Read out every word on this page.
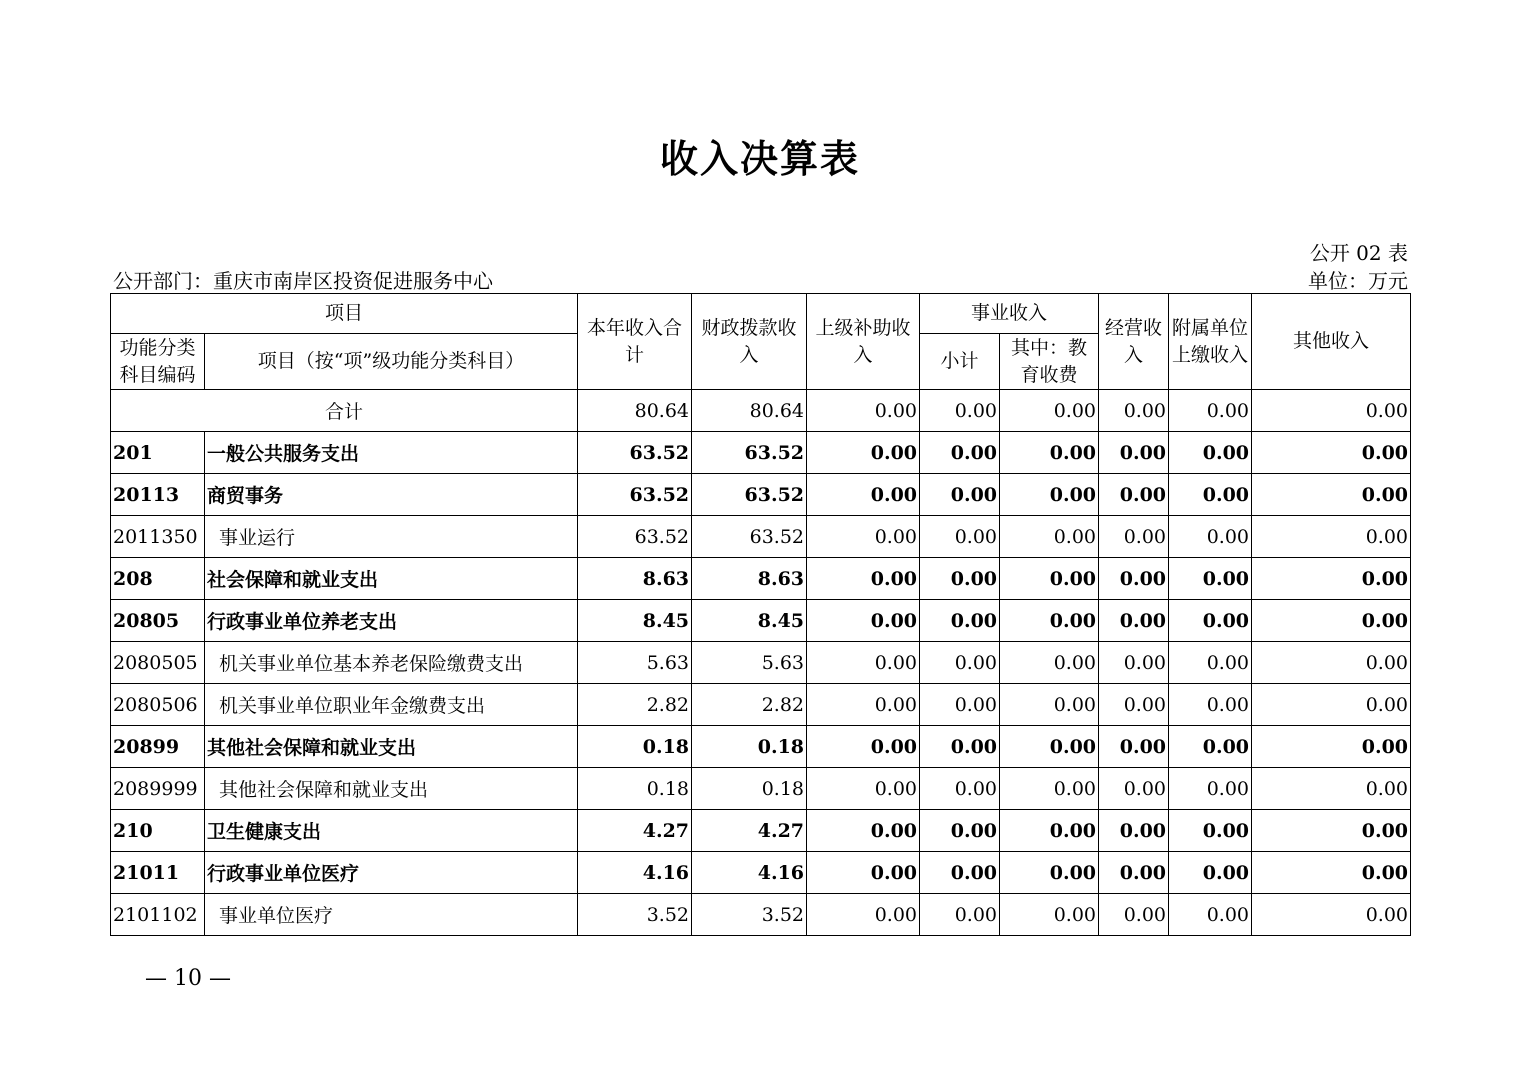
收入决算表
公开 02 表
公开部门：重庆市南岸区投资促进服务中心	单位：万元
项目		本年收入合计	财政拨款收入	上级补助收入	事业收入		经营收入	附属单位上缴收入	其他收入
功能分类科目编码	项目（按“项”级功能分类科目）				小计	其中：教育收费			
合计		80.64	80.64	0.00	0.00	0.00	0.00	0.00	0.00
201	一般公共服务支出	63.52	63.52	0.00	0.00	0.00	0.00	0.00	0.00
20113	商贸事务	63.52	63.52	0.00	0.00	0.00	0.00	0.00	0.00
2011350	事业运行	63.52	63.52	0.00	0.00	0.00	0.00	0.00	0.00
208	社会保障和就业支出	8.63	8.63	0.00	0.00	0.00	0.00	0.00	0.00
20805	行政事业单位养老支出	8.45	8.45	0.00	0.00	0.00	0.00	0.00	0.00
2080505	机关事业单位基本养老保险缴费支出	5.63	5.63	0.00	0.00	0.00	0.00	0.00	0.00
2080506	机关事业单位职业年金缴费支出	2.82	2.82	0.00	0.00	0.00	0.00	0.00	0.00
20899	其他社会保障和就业支出	0.18	0.18	0.00	0.00	0.00	0.00	0.00	0.00
2089999	其他社会保障和就业支出	0.18	0.18	0.00	0.00	0.00	0.00	0.00	0.00
210	卫生健康支出	4.27	4.27	0.00	0.00	0.00	0.00	0.00	0.00
21011	行政事业单位医疗	4.16	4.16	0.00	0.00	0.00	0.00	0.00	0.00
2101102	事业单位医疗	3.52	3.52	0.00	0.00	0.00	0.00	0.00	0.00
— 10 —
